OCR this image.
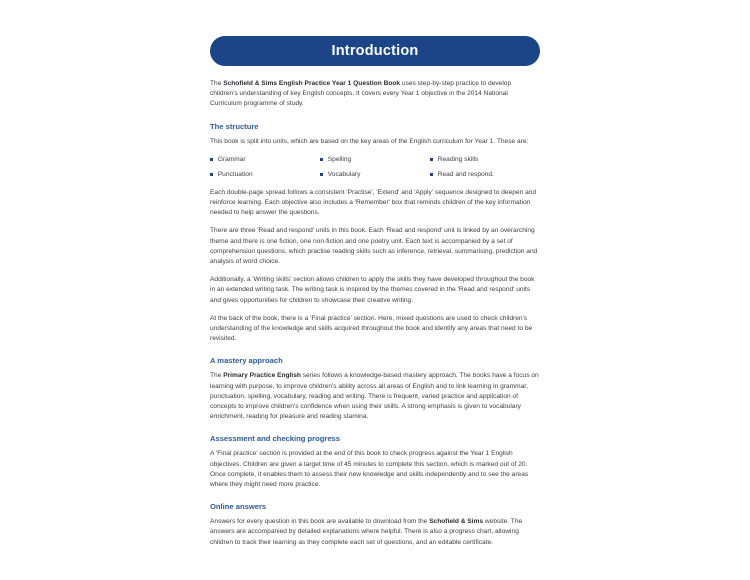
Introduction

The Schofield & Sims English Practice Year 1 Question Book uses step-by-step practice to develop children's understanding of key English concepts. It covers every Year 1 objective in the 2014 National Curriculum programme of study.

The structure

This book is split into units, which are based on the key areas of the English curriculum for Year 1. These are:

Grammar
Punctuation
Spelling
Vocabulary
Reading skills
Read and respond.

Each double-page spread follows a consistent 'Practise', 'Extend' and 'Apply' sequence designed to deepen and reinforce learning. Each objective also includes a 'Remember' box that reminds children of the key information needed to help answer the questions.

There are three 'Read and respond' units in this book. Each 'Read and respond' unit is linked by an overarching theme and there is one fiction, one non-fiction and one poetry unit. Each text is accompanied by a set of comprehension questions, which practise reading skills such as inference, retrieval, summarising, prediction and analysis of word choice.

Additionally, a 'Writing skills' section allows children to apply the skills they have developed throughout the book in an extended writing task. The writing task is inspired by the themes covered in the 'Read and respond' units and gives opportunities for children to showcase their creative writing.

At the back of the book, there is a 'Final practice' section. Here, mixed questions are used to check children's understanding of the knowledge and skills acquired throughout the book and identify any areas that need to be revisited.

A mastery approach

The Primary Practice English series follows a knowledge-based mastery approach. The books have a focus on learning with purpose, to improve children's ability across all areas of English and to link learning in grammar, punctuation, spelling, vocabulary, reading and writing. There is frequent, varied practice and application of concepts to improve children's confidence when using their skills. A strong emphasis is given to vocabulary enrichment, reading for pleasure and reading stamina.

Assessment and checking progress

A 'Final practice' section is provided at the end of this book to check progress against the Year 1 English objectives. Children are given a target time of 45 minutes to complete this section, which is marked out of 20. Once complete, it enables them to assess their new knowledge and skills independently and to see the areas where they might need more practice.

Online answers

Answers for every question in this book are available to download from the Schofield & Sims website. The answers are accompanied by detailed explanations where helpful. There is also a progress chart, allowing children to track their learning as they complete each set of questions, and an editable certificate.
